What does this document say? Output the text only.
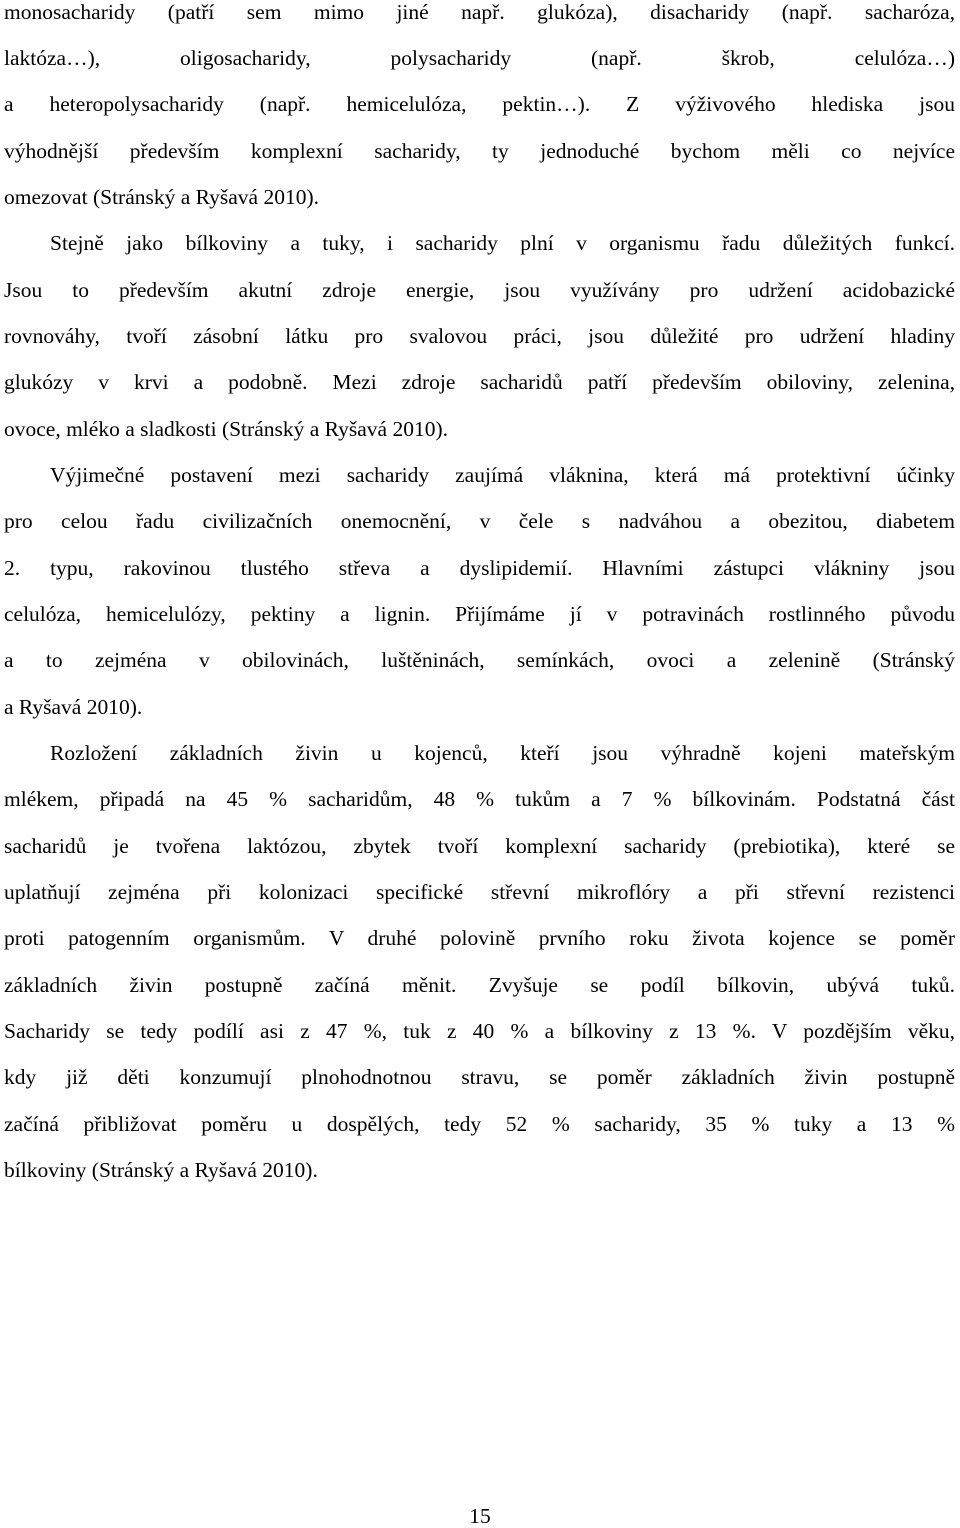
monosacharidy (patří sem mimo jiné např. glukóza), disacharidy (např. sacharóza,
laktóza…), oligosacharidy, polysacharidy (např. škrob, celulóza…)
a heteropolysacharidy (např. hemicelulóza, pektin…). Z výživového hlediska jsou
výhodnější především komplexní sacharidy, ty jednoduché bychom měli co nejvíce
omezovat (Stránský a Ryšavá 2010).
Stejně jako bílkoviny a tuky, i sacharidy plní v organismu řadu důležitých funkcí.
Jsou to především akutní zdroje energie, jsou využívány pro udržení acidobazické
rovnováhy, tvoří zásobní látku pro svalovou práci, jsou důležité pro udržení hladiny
glukózy v krvi a podobně. Mezi zdroje sacharidů patří především obiloviny, zelenina,
ovoce, mléko a sladkosti (Stránský a Ryšavá 2010).
Výjimečné postavení mezi sacharidy zaujímá vláknina, která má protektivní účinky
pro celou řadu civilizačních onemocnění, v čele s nadváhou a obezitou, diabetem
2. typu, rakovinou tlustého střeva a dyslipidemií. Hlavními zástupci vlákniny jsou
celulóza, hemicelulózy, pektiny a lignin. Přijímáme jí v potravinách rostlinného původu
a to zejména v obilovinách, luštěninách, semínkách, ovoci a zelenině (Stránský
a Ryšavá 2010).
Rozložení základních živin u kojenců, kteří jsou výhradně kojeni mateřským
mlékem, připadá na 45 % sacharidům, 48 % tukům a 7 % bílkovinám. Podstatná část
sacharidů je tvořena laktózou, zbytek tvoří komplexní sacharidy (prebiotika), které se
uplatňují zejména při kolonizaci specifické střevní mikroflóry a při střevní rezistenci
proti patogenním organismům. V druhé polovině prvního roku života kojence se poměr
základních živin postupně začíná měnit. Zvyšuje se podíl bílkovin, ubývá tuků.
Sacharidy se tedy podílí asi z 47 %, tuk z 40 % a bílkoviny z 13 %. V pozdějším věku,
kdy již děti konzumují plnohodnotnou stravu, se poměr základních živin postupně
začíná přibližovat poměru u dospělých, tedy 52 % sacharidy, 35 % tuky a 13 %
bílkoviny (Stránský a Ryšavá 2010).
15
